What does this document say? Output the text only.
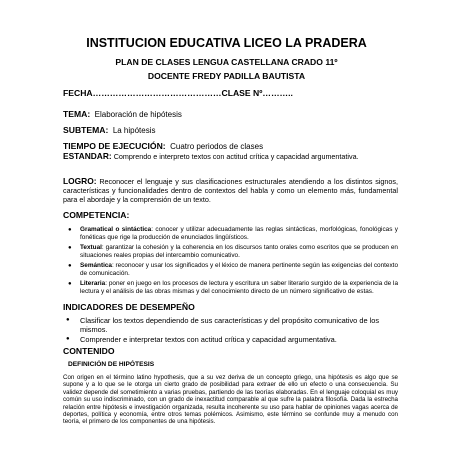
INSTITUCION EDUCATIVA LICEO LA PRADERA
PLAN DE CLASES LENGUA CASTELLANA CRADO 11º
DOCENTE FREDY PADILLA BAUTISTA
FECHA………………………………………CLASE Nº………..
TEMA: Elaboración de hipótesis
SUBTEMA: La hipótesis
TIEMPO DE EJECUCIÓN: Cuatro periodos de clases
ESTANDAR: Comprendo e interpreto textos con actitud crítica y capacidad argumentativa.
LOGRO: Reconocer el lenguaje y sus clasificaciones estructurales atendiendo a los distintos signos, características y funcionalidades dentro de contextos del habla y como un elemento más, fundamental para el abordaje y la comprensión de un texto.
COMPETENCIA:
● Gramatical o sintáctica: conocer y utilizar adecuadamente las reglas sintácticas, morfológicas, fonológicas y fonéticas que rige la producción de enunciados lingüísticos.
● Textual: garantizar la cohesión y la coherencia en los discursos tanto orales como escritos que se producen en situaciones reales propias del intercambio comunicativo.
● Semántica: reconocer y usar los significados y el léxico de manera pertinente según las exigencias del contexto de comunicación.
● Literaria: poner en juego en los procesos de lectura y escritura un saber literario surgido de la experiencia de la lectura y el análisis de las obras mismas y del conocimiento directo de un número significativo de estas.
INDICADORES DE DESEMPEÑO
● Clasificar los textos dependiendo de sus características y del propósito comunicativo de los mismos.
● Comprender e interpretar textos con actitud crítica y capacidad argumentativa.
CONTENIDO
DEFINICIÓN DE HIPÓTESIS
Con origen en el término latino hypothesis, que a su vez deriva de un concepto griego, una hipótesis es algo que se supone y a lo que se le otorga un cierto grado de posibilidad para extraer de ello un efecto o una consecuencia. Su validez depende del sometimiento a varias pruebas, partiendo de las teorías elaboradas. En el lenguaje coloquial es muy común su uso indiscriminado, con un grado de inexactitud comparable al que sufre la palabra filosofía. Dada la estrecha relación entre hipótesis e investigación organizada, resulta incoherente su uso para hablar de opiniones vagas acerca de deportes, política y economía, entre otros temas polémicos. Asimismo, este término se confunde muy a menudo con teoría, el primero de los componentes de una hipótesis.
